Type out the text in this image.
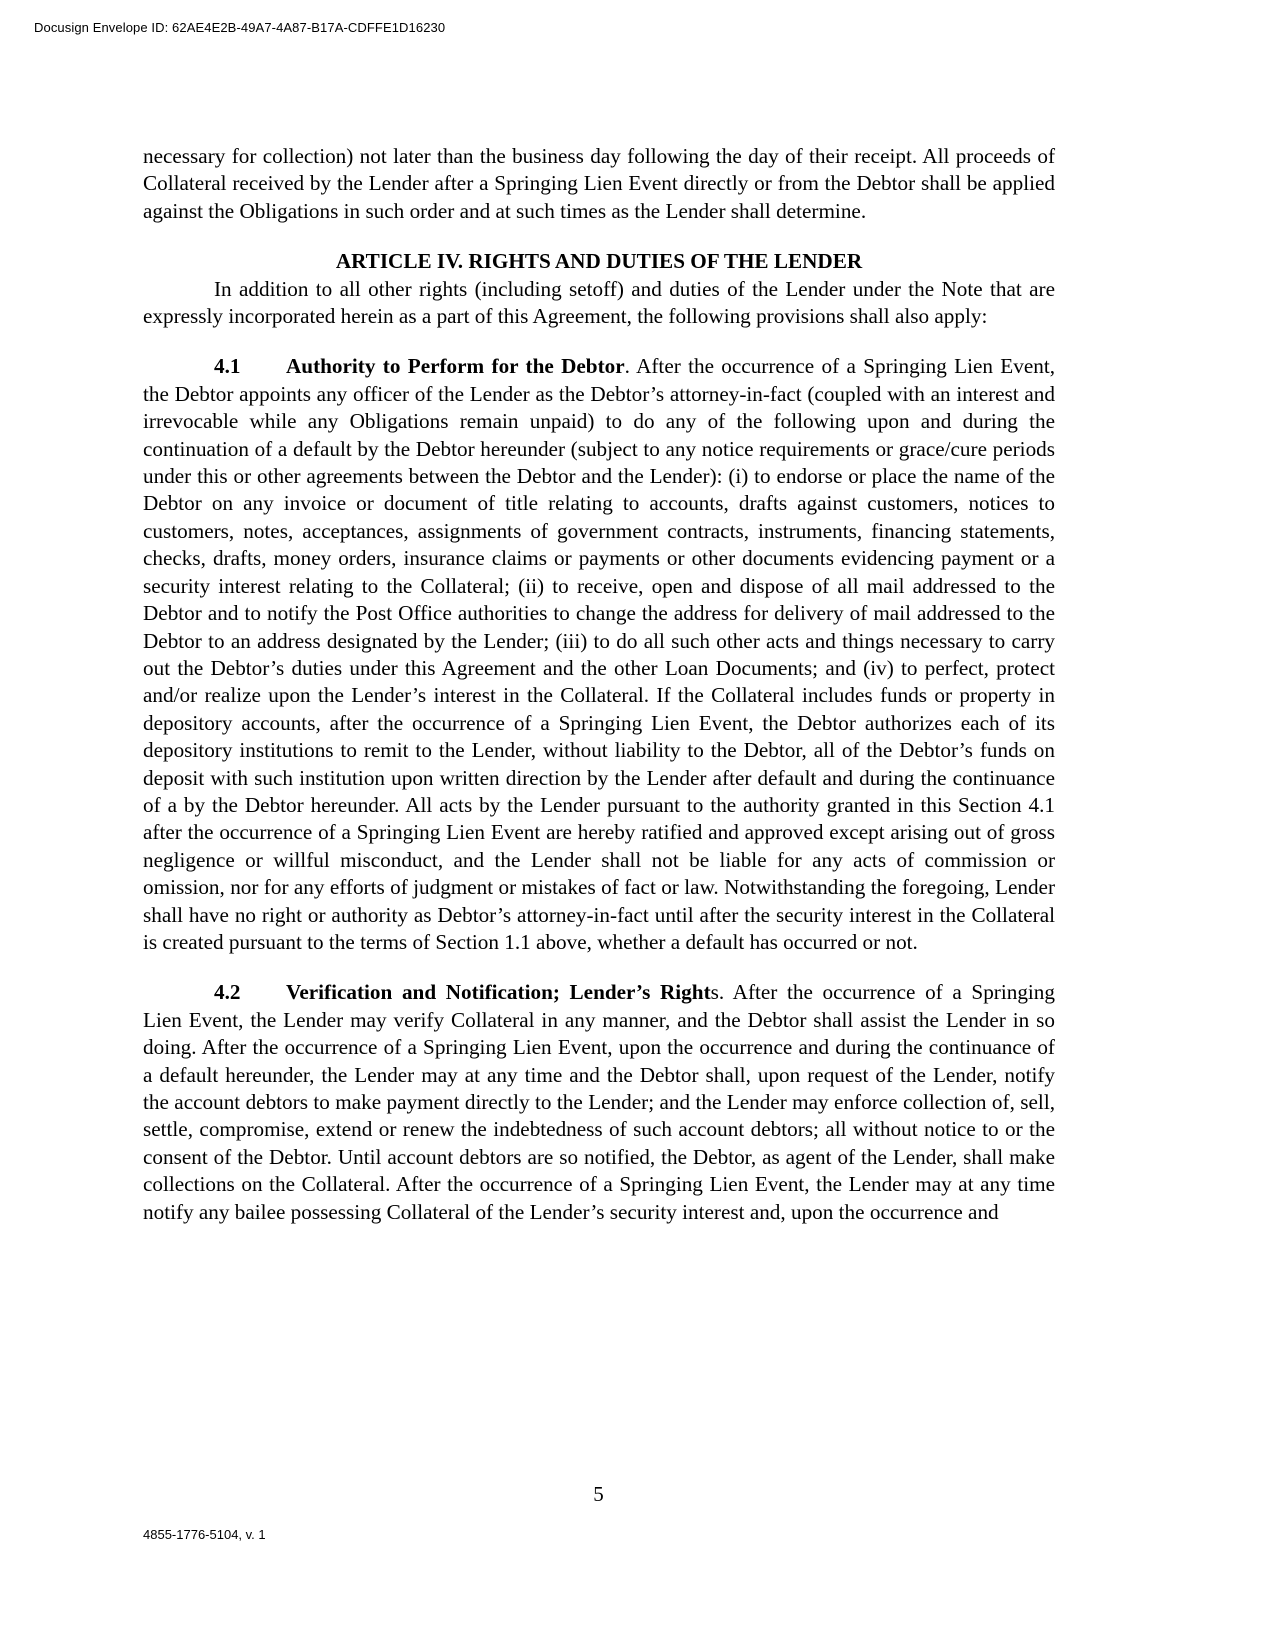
Docusign Envelope ID: 62AE4E2B-49A7-4A87-B17A-CDFFE1D16230

necessary for collection) not later than the business day following the day of their receipt. All proceeds of Collateral received by the Lender after a Springing Lien Event directly or from the Debtor shall be applied against the Obligations in such order and at such times as the Lender shall determine.

ARTICLE IV. RIGHTS AND DUTIES OF THE LENDER

In addition to all other rights (including setoff) and duties of the Lender under the Note that are expressly incorporated herein as a part of this Agreement, the following provisions shall also apply:

4.1 Authority to Perform for the Debtor. After the occurrence of a Springing Lien Event, the Debtor appoints any officer of the Lender as the Debtor’s attorney-in-fact (coupled with an interest and irrevocable while any Obligations remain unpaid) to do any of the following upon and during the continuation of a default by the Debtor hereunder (subject to any notice requirements or grace/cure periods under this or other agreements between the Debtor and the Lender): (i) to endorse or place the name of the Debtor on any invoice or document of title relating to accounts, drafts against customers, notices to customers, notes, acceptances, assignments of government contracts, instruments, financing statements, checks, drafts, money orders, insurance claims or payments or other documents evidencing payment or a security interest relating to the Collateral; (ii) to receive, open and dispose of all mail addressed to the Debtor and to notify the Post Office authorities to change the address for delivery of mail addressed to the Debtor to an address designated by the Lender; (iii) to do all such other acts and things necessary to carry out the Debtor’s duties under this Agreement and the other Loan Documents; and (iv) to perfect, protect and/or realize upon the Lender’s interest in the Collateral. If the Collateral includes funds or property in depository accounts, after the occurrence of a Springing Lien Event, the Debtor authorizes each of its depository institutions to remit to the Lender, without liability to the Debtor, all of the Debtor’s funds on deposit with such institution upon written direction by the Lender after default and during the continuance of a by the Debtor hereunder. All acts by the Lender pursuant to the authority granted in this Section 4.1 after the occurrence of a Springing Lien Event are hereby ratified and approved except arising out of gross negligence or willful misconduct, and the Lender shall not be liable for any acts of commission or omission, nor for any efforts of judgment or mistakes of fact or law. Notwithstanding the foregoing, Lender shall have no right or authority as Debtor’s attorney-in-fact until after the security interest in the Collateral is created pursuant to the terms of Section 1.1 above, whether a default has occurred or not.

4.2 Verification and Notification; Lender’s Rights. After the occurrence of a Springing Lien Event, the Lender may verify Collateral in any manner, and the Debtor shall assist the Lender in so doing. After the occurrence of a Springing Lien Event, upon the occurrence and during the continuance of a default hereunder, the Lender may at any time and the Debtor shall, upon request of the Lender, notify the account debtors to make payment directly to the Lender; and the Lender may enforce collection of, sell, settle, compromise, extend or renew the indebtedness of such account debtors; all without notice to or the consent of the Debtor. Until account debtors are so notified, the Debtor, as agent of the Lender, shall make collections on the Collateral. After the occurrence of a Springing Lien Event, the Lender may at any time notify any bailee possessing Collateral of the Lender’s security interest and, upon the occurrence and

5
4855-1776-5104, v. 1
